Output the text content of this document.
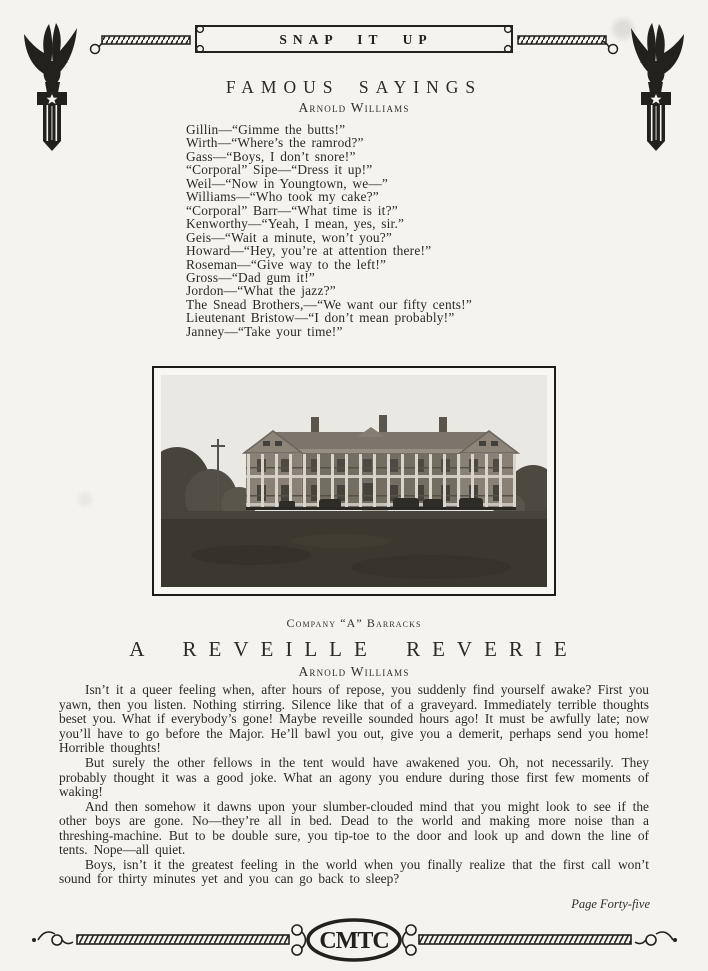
SNAP IT UP
FAMOUS SAYINGS
Arnold Williams
Gillin—“Gimme the butts!”
Wirth—“Where’s the ramrod?”
Gass—“Boys, I don’t snore!”
“Corporal” Sipe—“Dress it up!”
Weil—“Now in Youngtown, we—”
Williams—“Who took my cake?”
“Corporal” Barr—“What time is it?”
Kenworthy—“Yeah, I mean, yes, sir.”
Geis—“Wait a minute, won’t you?”
Howard—“Hey, you’re at attention there!”
Roseman—“Give way to the left!”
Gross—“Dad gum it!”
Jordon—“What the jazz?”
The Snead Brothers,—“We want our fifty cents!”
Lieutenant Bristow—“I don’t mean probably!”
Janney—“Take your time!”
Company “A” Barracks
A REVEILLE REVERIE
Arnold Williams

Isn’t it a queer feeling when, after hours of repose, you suddenly find yourself awake? First you yawn, then you listen. Nothing stirring. Silence like that of a graveyard. Immediately terrible thoughts beset you. What if everybody’s gone! Maybe reveille sounded hours ago! It must be awfully late; now you’ll have to go before the Major. He’ll bawl you out, give you a demerit, perhaps send you home! Horrible thoughts!

But surely the other fellows in the tent would have awakened you. Oh, not necessarily. They probably thought it was a good joke. What an agony you endure during those first few moments of waking!

And then somehow it dawns upon your slumber-clouded mind that you might look to see if the other boys are gone. No—they’re all in bed. Dead to the world and making more noise than a threshing-machine. But to be double sure, you tip-toe to the door and look up and down the line of tents. Nope—all quiet.

Boys, isn’t it the greatest feeling in the world when you finally realize that the first call won’t sound for thirty minutes yet and you can go back to sleep?

Page Forty-five
CMTC
